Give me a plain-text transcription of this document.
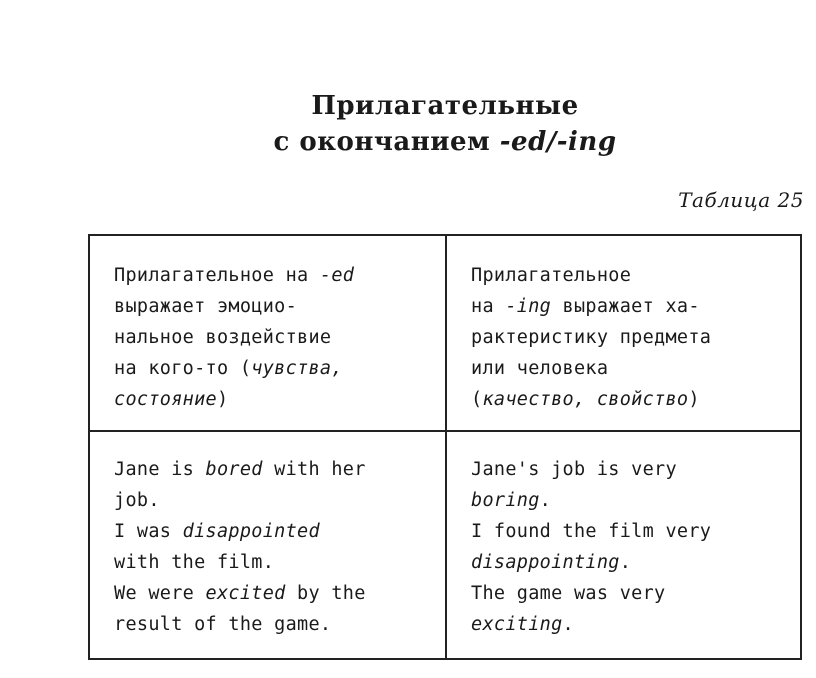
Прилагательные
с окончанием -ed/-ing
Таблица 25
Прилагательное на -ed
выражает эмоцио-
нальное воздействие
на кого-то (чувства,
состояние)
Прилагательное
на -ing выражает ха-
рактеристику предмета
или человека
(качество, свойство)
Jane is bored with her
job.
I was disappointed
with the film.
We were excited by the
result of the game.
Jane's job is very
boring.
I found the film very
disappointing.
The game was very
exciting.
